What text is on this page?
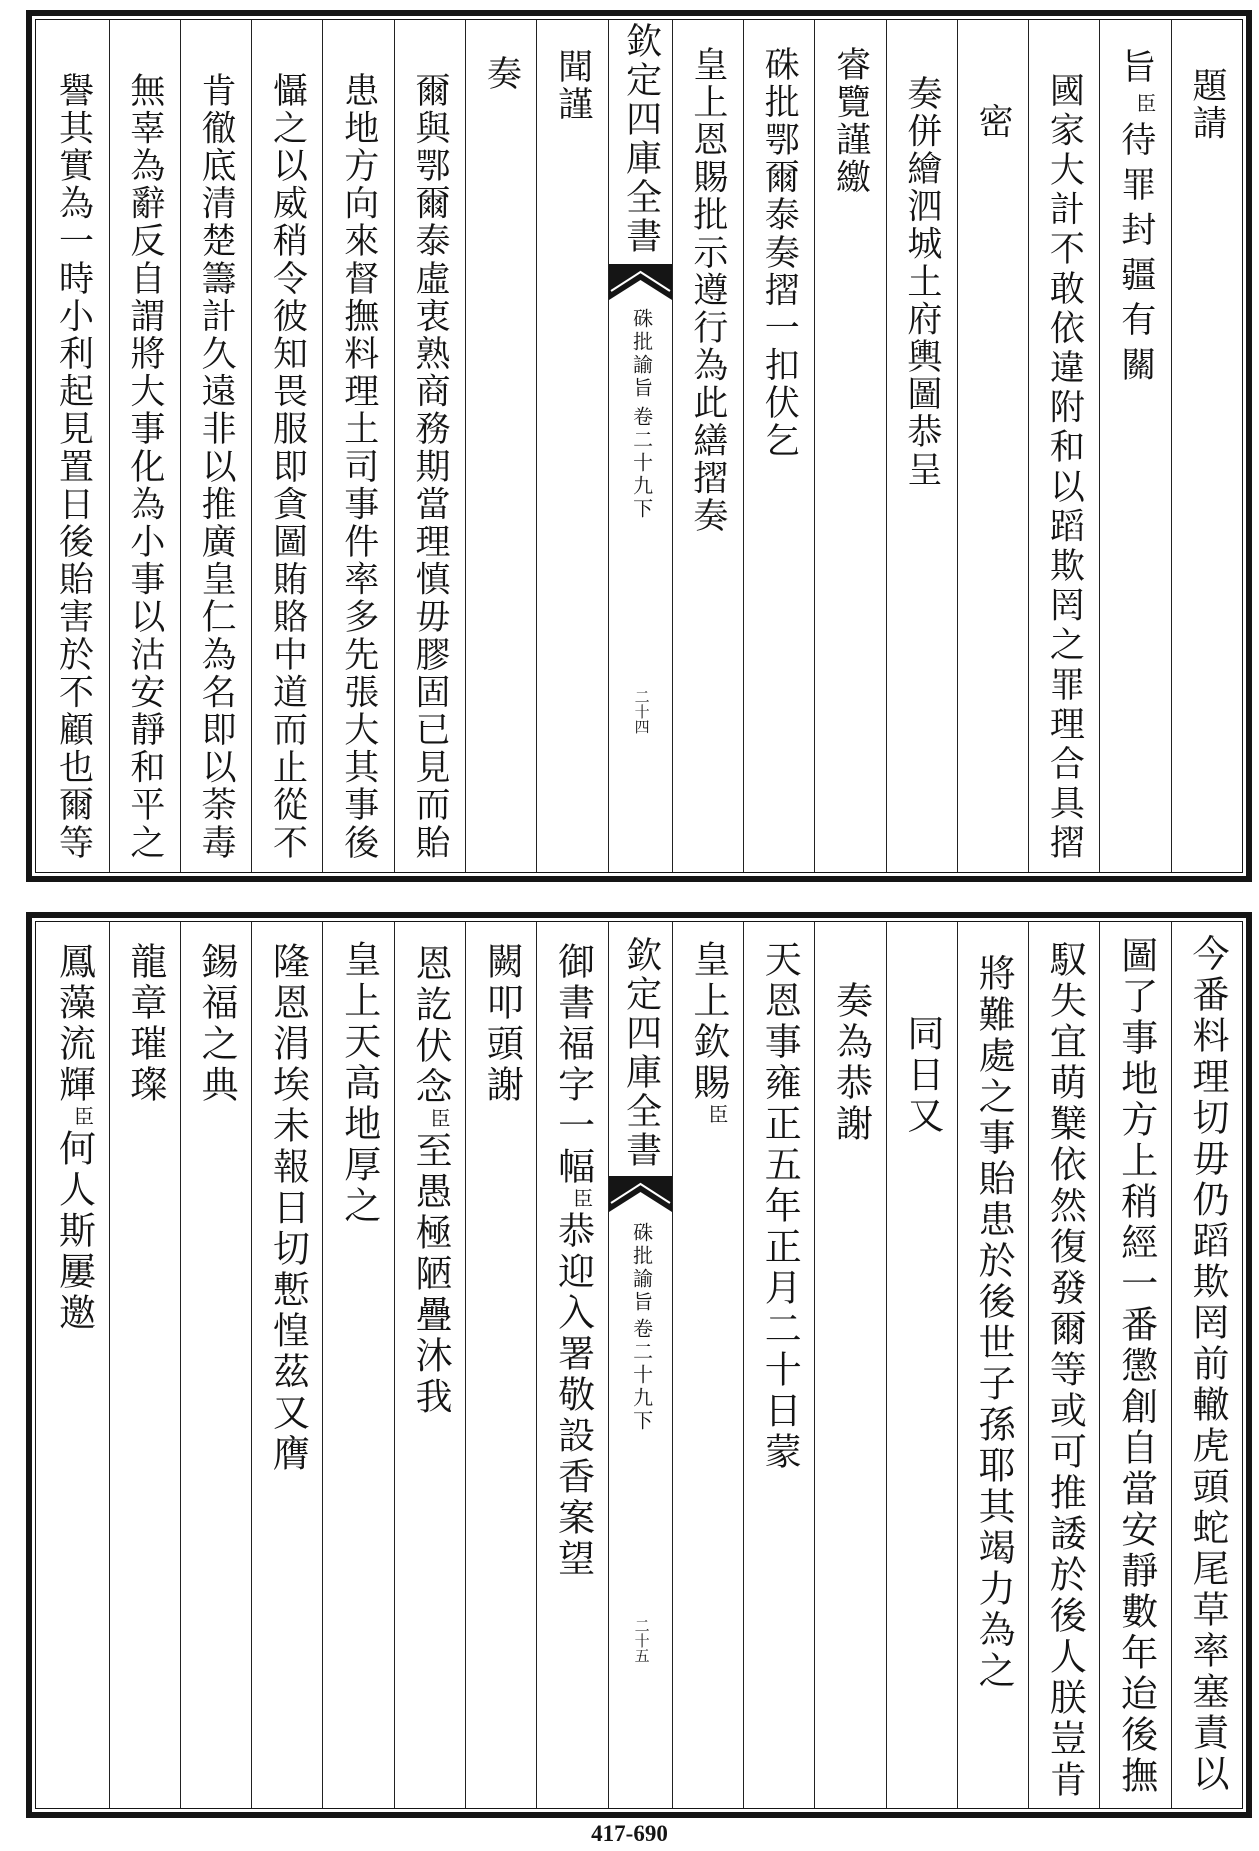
題請
旨臣待罪封疆有關
國家大計不敢依違附和以蹈欺罔之罪理合具摺
密
奏併繪泗城土府輿圖恭呈
睿覽謹繳
硃批鄂爾泰奏摺一扣伏乞
皇上恩賜批示遵行為此繕摺奏
欽定四庫全書
硃批諭旨
卷二十九下
二十四
聞謹
奏
爾與鄂爾泰虛衷熟商務期當理慎毋膠固已見而貽
患地方向來督撫料理土司事件率多先張大其事後
懾之以威稍令彼知畏服即貪圖賄賂中道而止從不
肯徹底清楚籌計久遠非以推廣皇仁為名即以荼毒
無辜為辭反自謂將大事化為小事以沽安靜和平之
譽其實為一時小利起見置日後貽害於不顧也爾等
今番料理切毋仍蹈欺罔前轍虎頭蛇尾草率塞責以
圖了事地方上稍經一番懲創自當安靜數年迨後撫
馭失宜萌櫱依然復發爾等或可推諉於後人朕豈肯
將難處之事貽患於後世子孫耶其竭力為之
同日又
奏為恭謝
天恩事雍正五年正月二十日蒙
皇上欽賜臣
欽定四庫全書
硃批諭旨
卷二十九下
二十五
御書福字一幅臣恭迎入署敬設香案望
闕叩頭謝
恩訖伏念臣至愚極陋疊沐我
皇上天高地厚之
隆恩涓埃未報日切慙惶茲又膺
錫福之典
龍章璀璨
鳳藻流輝臣何人斯屢邀
417-690
